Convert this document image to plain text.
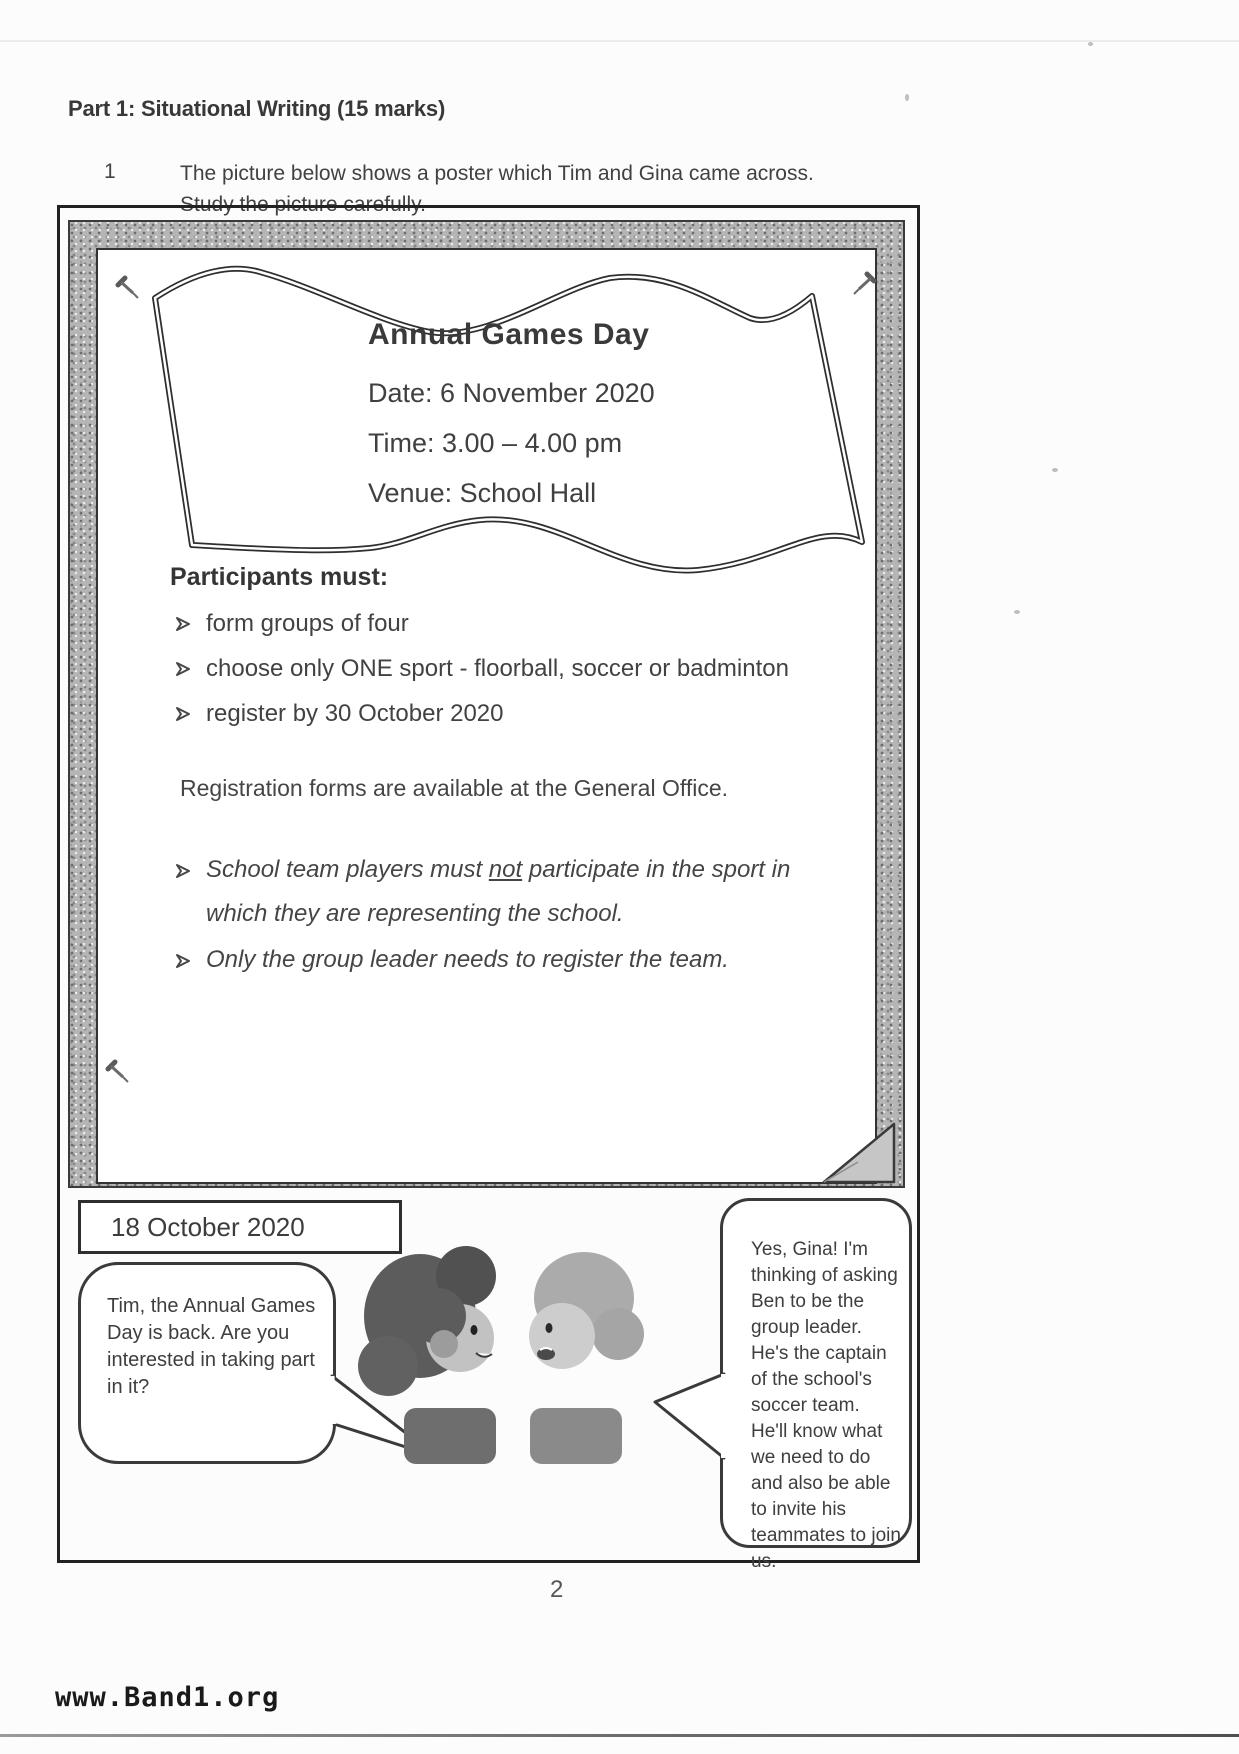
Part 1: Situational Writing (15 marks)
1	The picture below shows a poster which Tim and Gina came across.
Study the picture carefully.
Annual Games Day
Date: 6 November 2020
Time: 3.00 – 4.00 pm
Venue: School Hall
Participants must:
form groups of four
choose only ONE sport - floorball, soccer or badminton
register by 30 October 2020
Registration forms are available at the General Office.
School team players must not participate in the sport in which they are representing the school.
Only the group leader needs to register the team.
18 October 2020

Tim, the Annual Games Day is back. Are you interested in taking part in it?

Yes, Gina! I'm thinking of asking Ben to be the group leader. He's the captain of the school's soccer team. He'll know what we need to do and also be able to invite his teammates to join us.

2
www.Band1.org
